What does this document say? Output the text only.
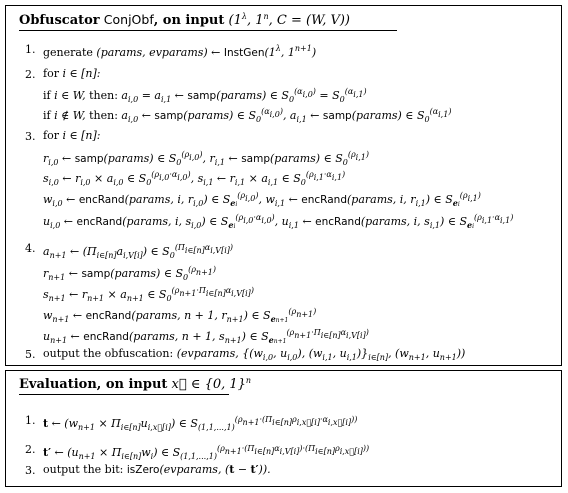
Obfuscator ConjObf, on input ($1^\lambda$, 1$^n$, C = (W, V))
1. generate (params, evparams) ← $InstGen(1^\lambda$, $1^{n+1}$)
2. for i ∈ [n]:
if i ∈ W, then: $a_{i,0} = a_{i,1}$ ← samp(params) ∈ $S_0^{(\alpha i,0)} = S_0^{(\alpha i,1)}$
if i ∉ W, then: $a_{i,0}$ ← samp(params) ∈ $S_0^{(\alpha i,0)}$, $a_{i,1}$ ← samp(params) ∈ $S_0^{(\alpha i,1)}$
3. for i ∈ [n]:
$r_{i,0}$ ← samp(params) ∈ $S_0^{(\rho i,0)}$, $r_{i,1}$ ← samp(params) ∈ $S_0^{(\rho i,1)}$
$s_{i,0}$ ← $r_{i,0} \times a_{i,0}$ ∈ $S_0^{(\rho i,0\cdot\alpha i,0)}$, $s_{i,1}$ ← $r_{i,1} \times a_{i,1}$ ∈ $S_0^{(\rho i,1\cdot\alpha i,1)}$
$w_{i,0}$ ← encRand(params, i, $r_{i,0}$) ∈ $S_{ei}^{(\rho i,0)}$, $w_{i,1}$ ← encRand(params, i, $r_{i,1}$) ∈ $S_{ei}^{(\rho i,1)}$
$u_{i,0}$ ← encRand(params, i, $s_{i,0}$) ∈ $S_{ei}^{(\rho i,0\cdot\alpha i,0)}$, $u_{i,1}$ ← encRand(params, i, $s_{i,1}$) ∈ $S_{ei}^{(\rho i,1\cdot\alpha i,1)}$
4. $a_{n+1}$ ← $(\Pi_{i\in[n]}a_{i,V[i]})$ ∈ $S_0^{(\Pi i\in[n]\alpha i,V[i])}$
$r_{n+1}$ ← samp(params) ∈ $S_0^{(\rho n+1)}$
$s_{n+1}$ ← $r_{n+1} \times a_{n+1}$ ∈ $S_0^{(\rho n+1\cdot\Pi i\in[n]\alpha i,V[i])}$
$w_{n+1}$ ← encRand(params, n + 1, $r_{n+1}$) ∈ $S_{en+1}^{(\rho n+1)}$
$u_{n+1}$ ← encRand(params, n + 1, $s_{n+1}$) ∈ $S_{en+1}^{(\rho n+1\cdot\Pi i\in[n]\alpha i,V[i])}$
5. output the obfuscation: (evparams, {($w_{i,0}$, $u_{i,0}$), ($w_{i,1}$, $u_{i,1})\}_{i\in[n]}$, ($w_{n+1}$, $u_{n+1}$))
Evaluation, on input x⃗ ∈ {0, 1}$^n$
1. t ← $(w_{n+1} \times \Pi_{i\in[n]}u_{i,x⃗[i]})$ ∈ $S_{(1,1,...,1)}^{(\rho n+1\cdot(\Pi i\in[n]\rho i,x⃗[i]\cdot\alpha i,x⃗[i]))}$
2. t′ ← $(u_{n+1} \times \Pi_{i\in[n]}w_i)$ ∈ $S_{(1,1,...,1)}^{(\rho n+1\cdot(\Pi i\in[n]\alpha i,V[i])\cdot(\Pi i\in[n]\rho i,x⃗[i]))}$
3. output the bit: isZero(evparams, (t − t′)).
